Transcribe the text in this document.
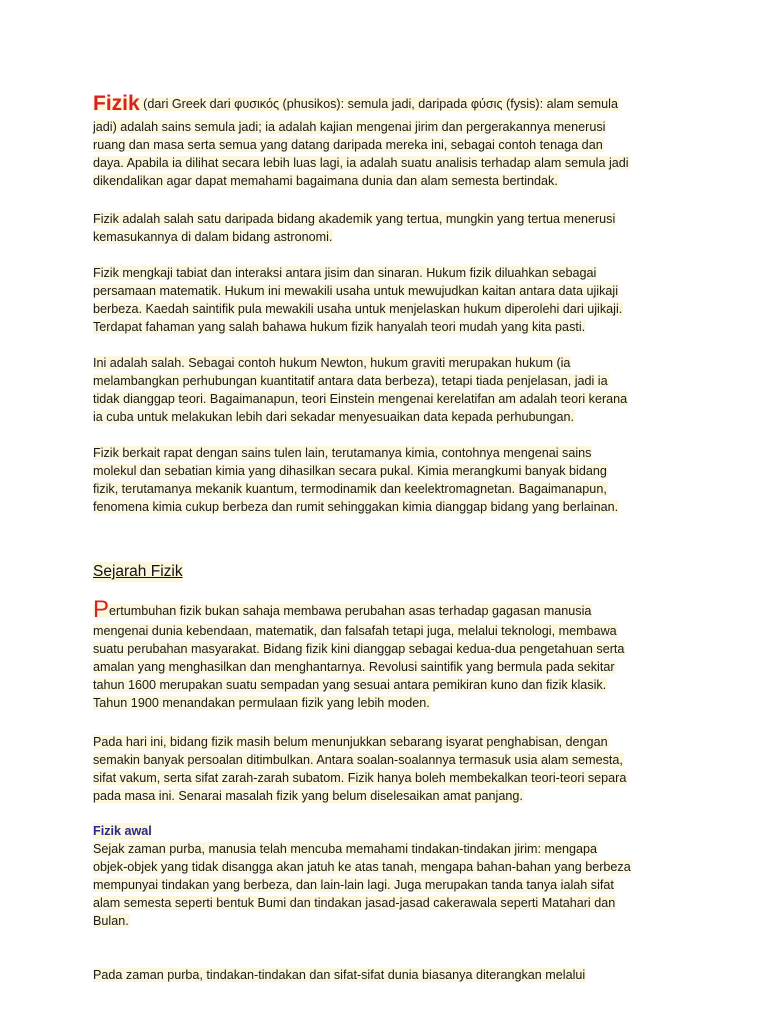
Fizik (dari Greek dari φυσικός (phusikos): semula jadi, daripada φύσις (fysis): alam semula
jadi) adalah sains semula jadi; ia adalah kajian mengenai jirim dan pergerakannya menerusi
ruang dan masa serta semua yang datang daripada mereka ini, sebagai contoh tenaga dan
daya. Apabila ia dilihat secara lebih luas lagi, ia adalah suatu analisis terhadap alam semula jadi
dikendalikan agar dapat memahami bagaimana dunia dan alam semesta bertindak.
Fizik adalah salah satu daripada bidang akademik yang tertua, mungkin yang tertua menerusi
kemasukannya di dalam bidang astronomi.
Fizik mengkaji tabiat dan interaksi antara jisim dan sinaran. Hukum fizik diluahkan sebagai
persamaan matematik. Hukum ini mewakili usaha untuk mewujudkan kaitan antara data ujikaji
berbeza. Kaedah saintifik pula mewakili usaha untuk menjelaskan hukum diperolehi dari ujikaji.
Terdapat fahaman yang salah bahawa hukum fizik hanyalah teori mudah yang kita pasti.
Ini adalah salah. Sebagai contoh hukum Newton, hukum graviti merupakan hukum (ia
melambangkan perhubungan kuantitatif antara data berbeza), tetapi tiada penjelasan, jadi ia
tidak dianggap teori. Bagaimanapun, teori Einstein mengenai kerelatifan am adalah teori kerana
ia cuba untuk melakukan lebih dari sekadar menyesuaikan data kepada perhubungan.
Fizik berkait rapat dengan sains tulen lain, terutamanya kimia, contohnya mengenai sains
molekul dan sebatian kimia yang dihasilkan secara pukal. Kimia merangkumi banyak bidang
fizik, terutamanya mekanik kuantum, termodinamik dan keelektromagnetan. Bagaimanapun,
fenomena kimia cukup berbeza dan rumit sehinggakan kimia dianggap bidang yang berlainan.
Sejarah Fizik
Pertumbuhan fizik bukan sahaja membawa perubahan asas terhadap gagasan manusia
mengenai dunia kebendaan, matematik, dan falsafah tetapi juga, melalui teknologi, membawa
suatu perubahan masyarakat. Bidang fizik kini dianggap sebagai kedua-dua pengetahuan serta
amalan yang menghasilkan dan menghantarnya. Revolusi saintifik yang bermula pada sekitar
tahun 1600 merupakan suatu sempadan yang sesuai antara pemikiran kuno dan fizik klasik.
Tahun 1900 menandakan permulaan fizik yang lebih moden.
Pada hari ini, bidang fizik masih belum menunjukkan sebarang isyarat penghabisan, dengan
semakin banyak persoalan ditimbulkan. Antara soalan-soalannya termasuk usia alam semesta,
sifat vakum, serta sifat zarah-zarah subatom. Fizik hanya boleh membekalkan teori-teori separa
pada masa ini. Senarai masalah fizik yang belum diselesaikan amat panjang.
Fizik awal
Sejak zaman purba, manusia telah mencuba memahami tindakan-tindakan jirim: mengapa
objek-objek yang tidak disangga akan jatuh ke atas tanah, mengapa bahan-bahan yang berbeza
mempunyai tindakan yang berbeza, dan lain-lain lagi. Juga merupakan tanda tanya ialah sifat
alam semesta seperti bentuk Bumi dan tindakan jasad-jasad cakerawala seperti Matahari dan
Bulan.
Pada zaman purba, tindakan-tindakan dan sifat-sifat dunia biasanya diterangkan melalui
